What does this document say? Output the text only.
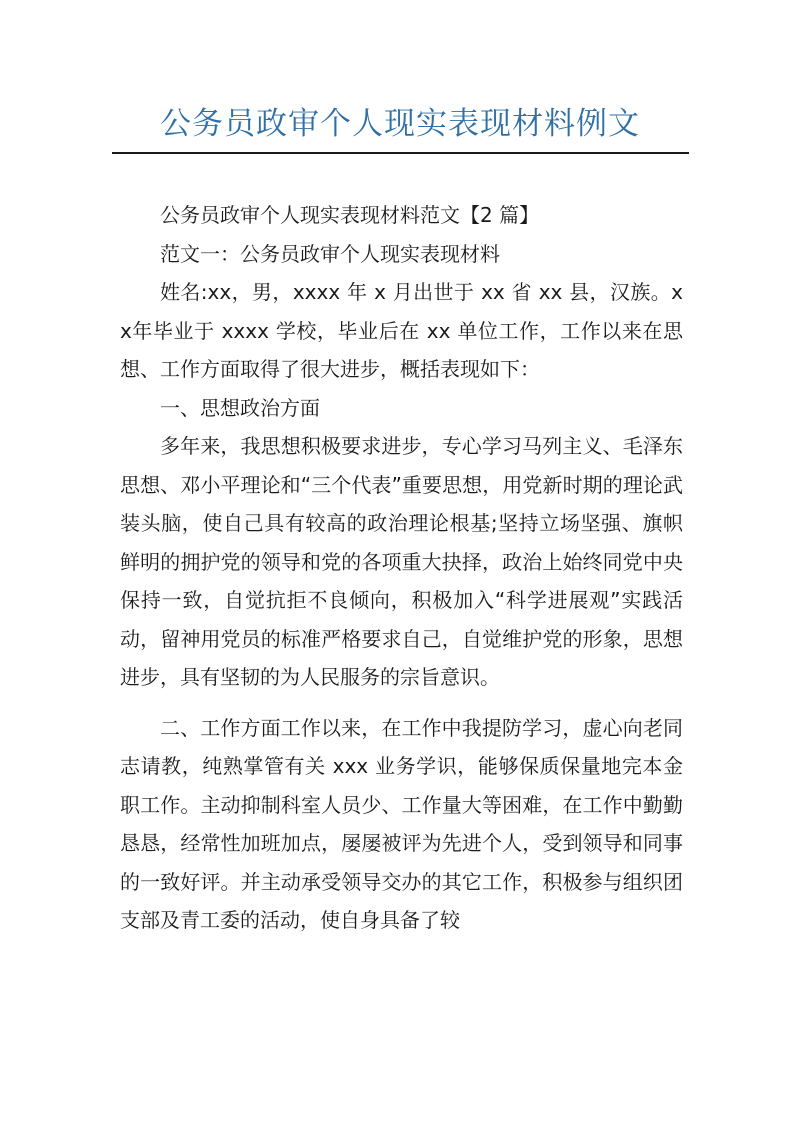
公务员政审个人现实表现材料例文

公务员政审个人现实表现材料范文【2 篇】

范文一：公务员政审个人现实表现材料

姓名:xx，男，xxxx 年 x 月出世于 xx 省 xx 县，汉族。xx年毕业于 xxxx 学校，毕业后在 xx 单位工作，工作以来在思想、工作方面取得了很大进步，概括表现如下：

一、思想政治方面

多年来，我思想积极要求进步，专心学习马列主义、毛泽东思想、邓小平理论和“三个代表”重要思想，用党新时期的理论武装头脑，使自己具有较高的政治理论根基;坚持立场坚强、旗帜鲜明的拥护党的领导和党的各项重大抉择，政治上始终同党中央保持一致，自觉抗拒不良倾向，积极加入“科学进展观”实践活动，留神用党员的标准严格要求自己，自觉维护党的形象，思想进步，具有坚韧的为人民服务的宗旨意识。

二、工作方面工作以来，在工作中我提防学习，虚心向老同志请教，纯熟掌管有关 xxx 业务学识，能够保质保量地完本金职工作。主动抑制科室人员少、工作量大等困难，在工作中勤勤恳恳，经常性加班加点，屡屡被评为先进个人，受到领导和同事的一致好评。并主动承受领导交办的其它工作，积极参与组织团支部及青工委的活动，使自身具备了较
